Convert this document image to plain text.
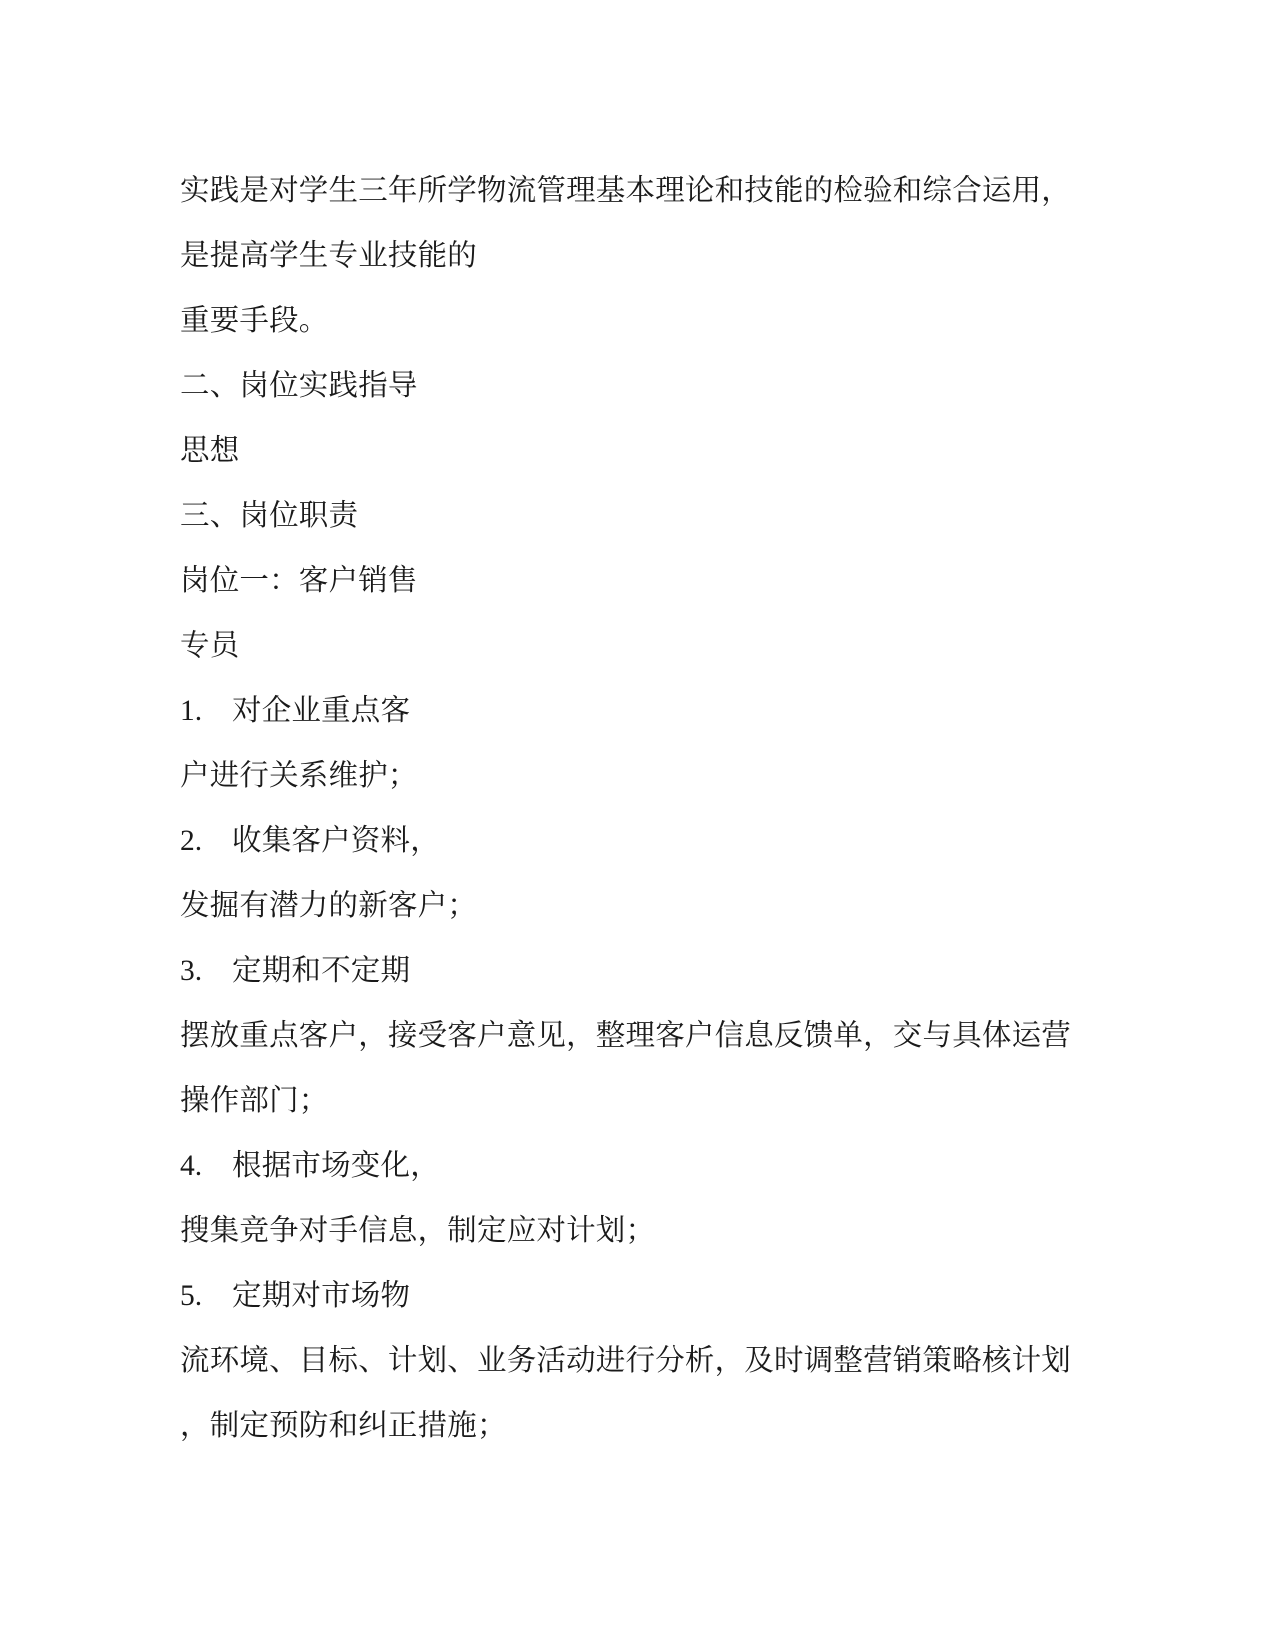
实践是对学生三年所学物流管理基本理论和技能的检验和综合运用，
是提高学生专业技能的
重要手段。
二、岗位实践指导
思想
三、岗位职责
岗位一：客户销售
专员
1. 对企业重点客
户进行关系维护；
2. 收集客户资料，
发掘有潜力的新客户；
3. 定期和不定期
摆放重点客户，接受客户意见，整理客户信息反馈单，交与具体运营
操作部门；
4. 根据市场变化，
搜集竞争对手信息，制定应对计划；
5. 定期对市场物
流环境、目标、计划、业务活动进行分析，及时调整营销策略核计划
，制定预防和纠正措施；
